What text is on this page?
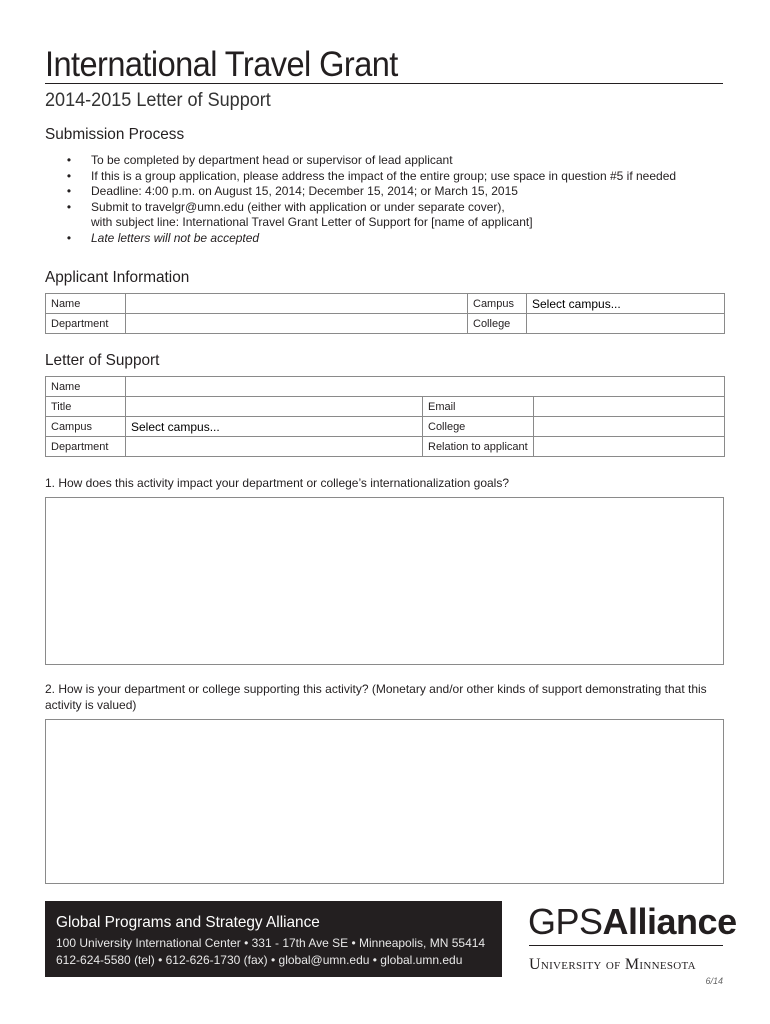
International Travel Grant
2014-2015 Letter of Support
Submission Process
• To be completed by department head or supervisor of lead applicant
• If this is a group application, please address the impact of the entire group; use space in question #5 if needed
• Deadline: 4:00 p.m. on August 15, 2014; December 15, 2014; or March 15, 2015
• Submit to travelgr@umn.edu (either with application or under separate cover),
with subject line: International Travel Grant Letter of Support for [name of applicant]
• Late letters will not be accepted
Applicant Information
Name		Campus	Select campus...
Department		College	
Letter of Support
Name			
Title		Email	
Campus	Select campus...	College	
Department		Relation to applicant	
1. How does this activity impact your department or college’s internationalization goals?
2. How is your department or college supporting this activity? (Monetary and/or other kinds of support demonstrating that this activity is valued)
Global Programs and Strategy Alliance
100 University International Center • 331 - 17th Ave SE • Minneapolis, MN 55414
612-624-5580 (tel) • 612-626-1730 (fax) • global@umn.edu • global.umn.edu
GPSAlliance
University of Minnesota
6/14
